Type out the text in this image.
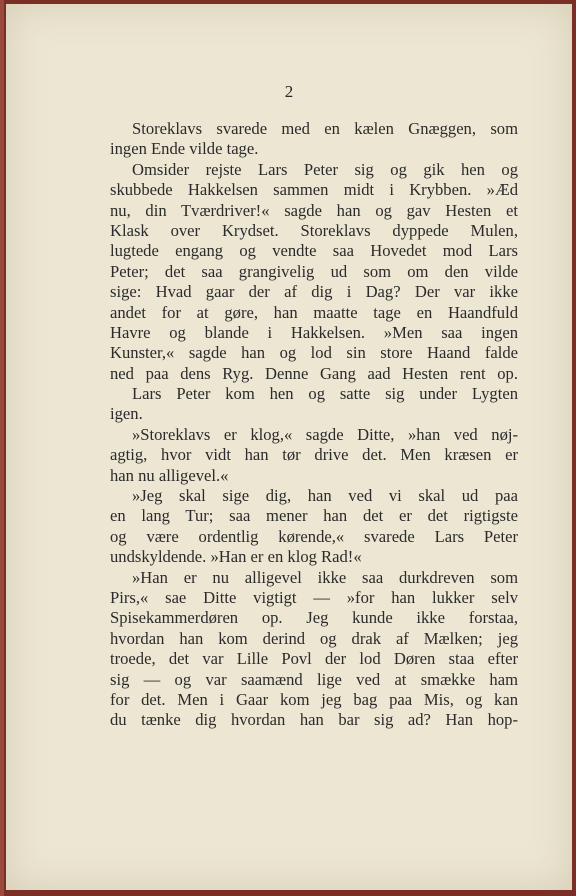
2
Storeklavs svarede med en kælen Gnæggen, som
ingen Ende vilde tage.
Omsider rejste Lars Peter sig og gik hen og
skubbede Hakkelsen sammen midt i Krybben. »Æd
nu, din Tværdriver!« sagde han og gav Hesten et
Klask over Krydset. Storeklavs dyppede Mulen,
lugtede engang og vendte saa Hovedet mod Lars
Peter; det saa grangivelig ud som om den vilde
sige: Hvad gaar der af dig i Dag? Der var ikke
andet for at gøre, han maatte tage en Haandfuld
Havre og blande i Hakkelsen. »Men saa ingen
Kunster,« sagde han og lod sin store Haand falde
ned paa dens Ryg. Denne Gang aad Hesten rent op.
Lars Peter kom hen og satte sig under Lygten
igen.
»Storeklavs er klog,« sagde Ditte, »han ved nøj-
agtig, hvor vidt han tør drive det. Men kræsen er
han nu alligevel.«
»Jeg skal sige dig, han ved vi skal ud paa
en lang Tur; saa mener han det er det rigtigste
og være ordentlig kørende,« svarede Lars Peter
undskyldende. »Han er en klog Rad!«
»Han er nu alligevel ikke saa durkdreven som
Pirs,« sae Ditte vigtigt — »for han lukker selv
Spisekammerdøren op. Jeg kunde ikke forstaa,
hvordan han kom derind og drak af Mælken; jeg
troede, det var Lille Povl der lod Døren staa efter
sig — og var saamænd lige ved at smække ham
for det. Men i Gaar kom jeg bag paa Mis, og kan
du tænke dig hvordan han bar sig ad? Han hop-
